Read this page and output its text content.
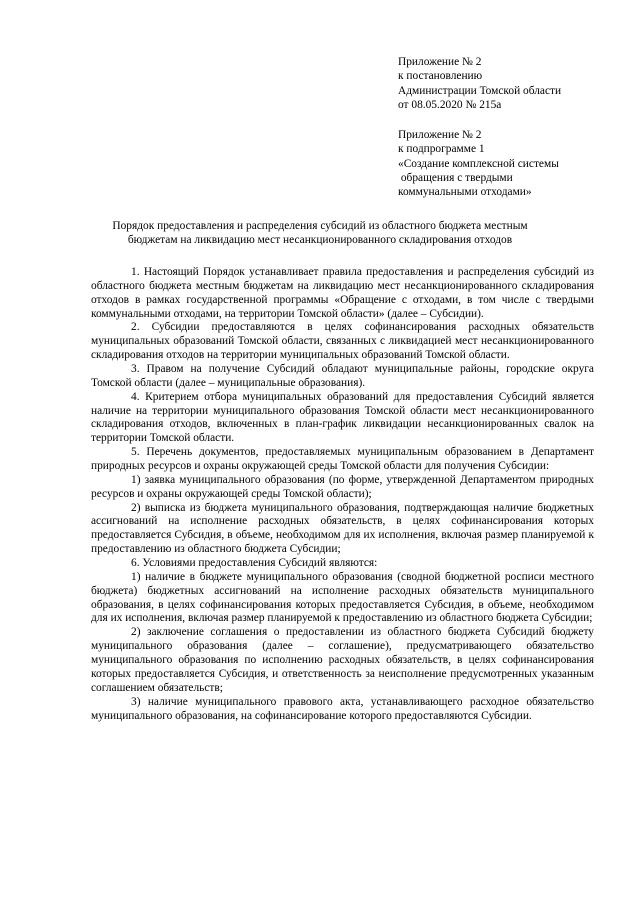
Приложение № 2
к постановлению
Администрации Томской области
от 08.05.2020 № 215а
Приложение № 2
к подпрограмме 1
«Создание комплексной системы
обращения с твердыми
коммунальными отходами»
Порядок предоставления и распределения субсидий из областного бюджета местным
бюджетам на ликвидацию мест несанкционированного складирования отходов

1. Настоящий Порядок устанавливает правила предоставления и распределения субсидий из областного бюджета местным бюджетам на ликвидацию мест несанкционированного складирования отходов в рамках государственной программы «Обращение с отходами, в том числе с твердыми коммунальными отходами, на территории Томской области» (далее – Субсидии).

2. Субсидии предоставляются в целях софинансирования расходных обязательств муниципальных образований Томской области, связанных с ликвидацией мест несанкционированного складирования отходов на территории муниципальных образований Томской области.

3. Правом на получение Субсидий обладают муниципальные районы, городские округа Томской области (далее – муниципальные образования).

4. Критерием отбора муниципальных образований для предоставления Субсидий является наличие на территории муниципального образования Томской области мест несанкционированного складирования отходов, включенных в план-график ликвидации несанкционированных свалок на территории Томской области.

5. Перечень документов, предоставляемых муниципальным образованием в Департамент природных ресурсов и охраны окружающей среды Томской области для получения Субсидии:

1) заявка муниципального образования (по форме, утвержденной Департаментом природных ресурсов и охраны окружающей среды Томской области);

2) выписка из бюджета муниципального образования, подтверждающая наличие бюджетных ассигнований на исполнение расходных обязательств, в целях софинансирования которых предоставляется Субсидия, в объеме, необходимом для их исполнения, включая размер планируемой к предоставлению из областного бюджета Субсидии;

6. Условиями предоставления Субсидий являются:

1) наличие в бюджете муниципального образования (сводной бюджетной росписи местного бюджета) бюджетных ассигнований на исполнение расходных обязательств муниципального образования, в целях софинансирования которых предоставляется Субсидия, в объеме, необходимом для их исполнения, включая размер планируемой к предоставлению из областного бюджета Субсидии;

2) заключение соглашения о предоставлении из областного бюджета Субсидий бюджету муниципального образования (далее – соглашение), предусматривающего обязательство муниципального образования по исполнению расходных обязательств, в целях софинансирования которых предоставляется Субсидия, и ответственность за неисполнение предусмотренных указанным соглашением обязательств;

3) наличие муниципального правового акта, устанавливающего расходное обязательство муниципального образования, на софинансирование которого предоставляются Субсидии.
